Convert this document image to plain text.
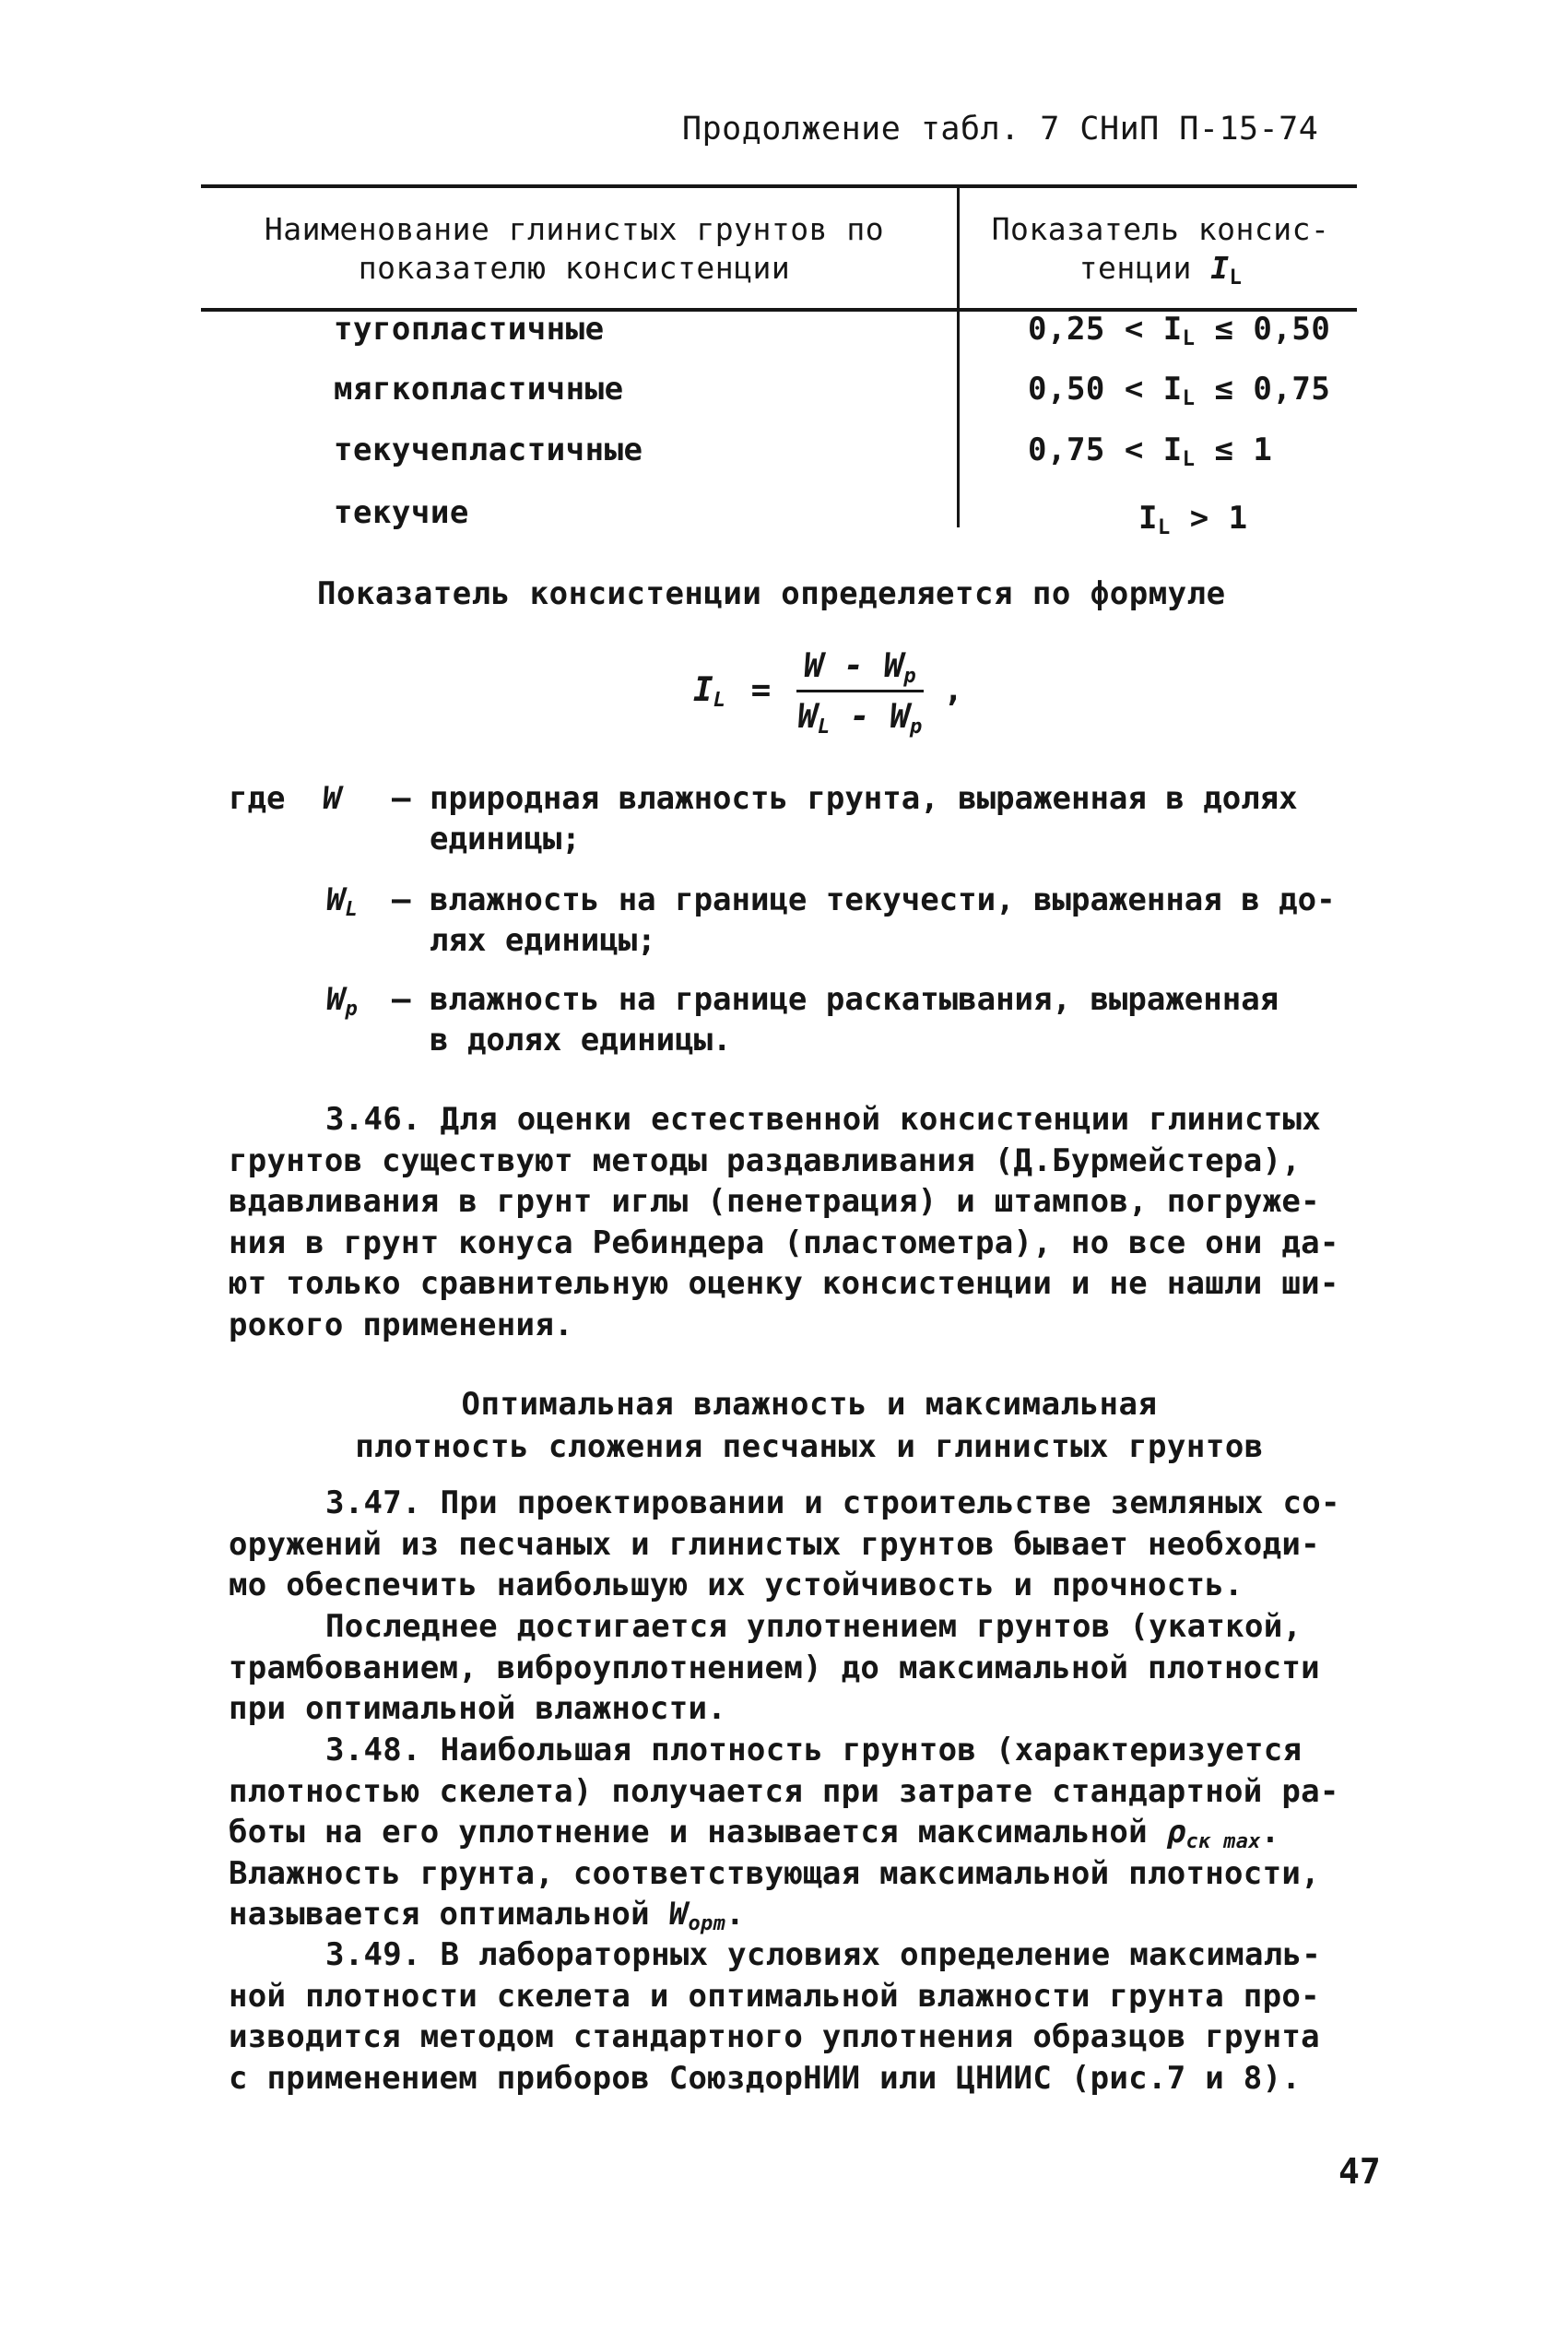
Продолжение табл. 7 СНиП П-15-74
Наименование глинистых грунтов по
показателю консистенции
Показатель консис-
тенции $I_L$
тугопластичные	$0,25 < I_L \le 0,50$
мягкопластичные	$0,50 < I_L \le 0,75$
текучепластичные	$0,75 < I_L \le 1$
текучие	$I_L > 1$
Показатель консистенции определяется по формуле
$I_L = \frac{W - W_p}{W_L - W_p}$ ,
где W – природная влажность грунта, выраженная в долях
единицы;
$W_L$ – влажность на границе текучести, выраженная в до-
лях единицы;
$W_p$ – влажность на границе раскатывания, выраженная
в долях единицы.
3.46. Для оценки естественной консистенции глинистых
грунтов существуют методы раздавливания (Д.Бурмейстера),
вдавливания в грунт иглы (пенетрация) и штампов, погруже-
ния в грунт конуса Ребиндера (пластометра), но все они да-
ют только сравнительную оценку консистенции и не нашли ши-
рокого применения.
Оптимальная влажность и максимальная
плотность сложения песчаных и глинистых грунтов
3.47. При проектировании и строительстве земляных со-
оружений из песчаных и глинистых грунтов бывает необходи-
мо обеспечить наибольшую их устойчивость и прочность.
Последнее достигается уплотнением грунтов (укаткой,
трамбованием, виброуплотнением) до максимальной плотности
при оптимальной влажности.
3.48. Наибольшая плотность грунтов (характеризуется
плотностью скелета) получается при затрате стандартной ра-
боты на его уплотнение и называется максимальной $\rho_{ск max}$.
Влажность грунта, соответствующая максимальной плотности,
называется оптимальной $W_{opm}$.
3.49. В лабораторных условиях определение максималь-
ной плотности скелета и оптимальной влажности грунта про-
изводится методом стандартного уплотнения образцов грунта
с применением приборов СоюздорНИИ или ЦНИИС (рис.7 и 8).
47
